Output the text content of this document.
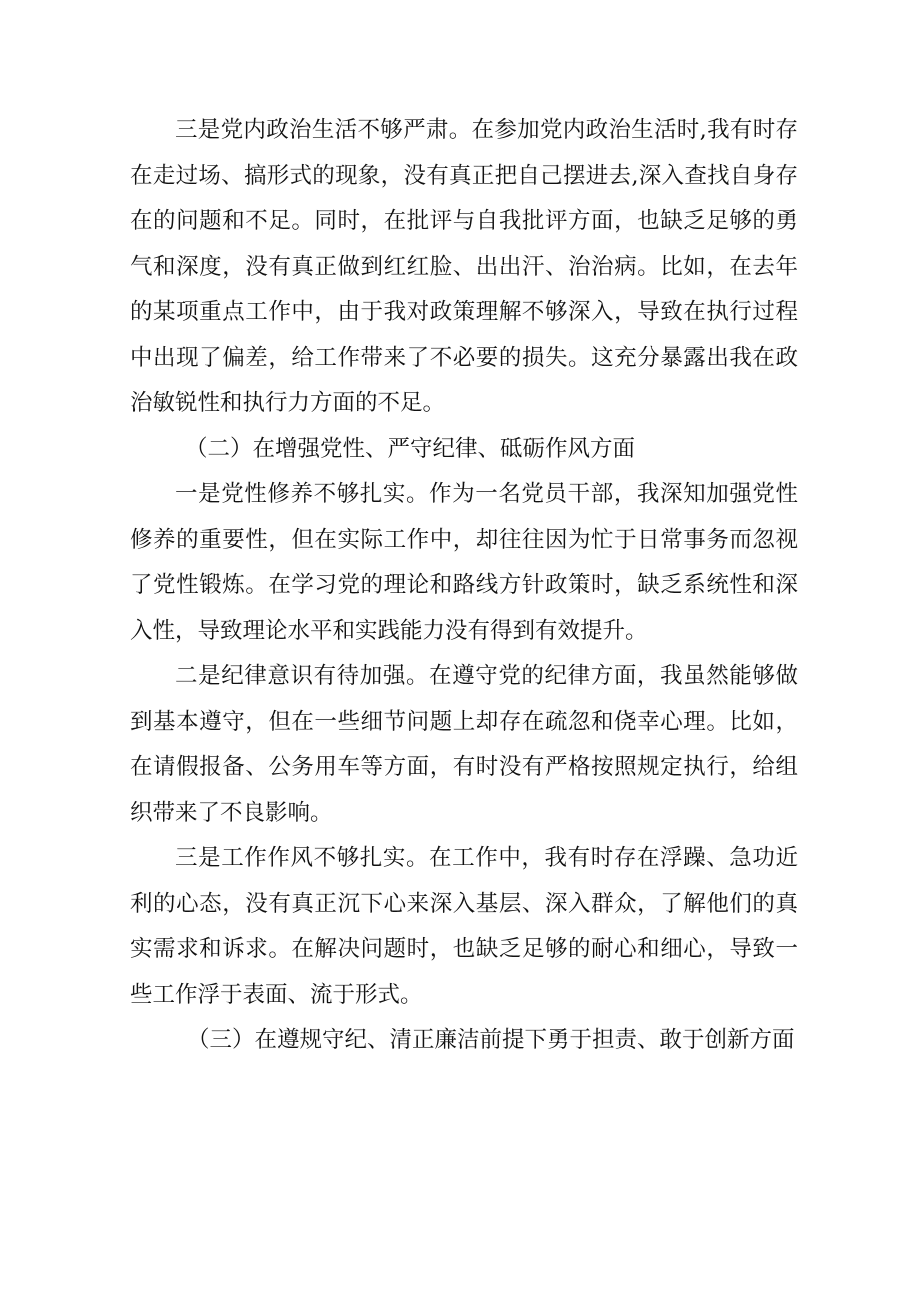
三是党内政治生活不够严肃。在参加党内政治生活时,我有时存在走过场、搞形式的现象，没有真正把自己摆进去,深入查找自身存在的问题和不足。同时，在批评与自我批评方面，也缺乏足够的勇气和深度，没有真正做到红红脸、出出汗、治治病。比如，在去年的某项重点工作中，由于我对政策理解不够深入，导致在执行过程中出现了偏差，给工作带来了不必要的损失。这充分暴露出我在政治敏锐性和执行力方面的不足。

（二）在增强党性、严守纪律、砥砺作风方面

一是党性修养不够扎实。作为一名党员干部，我深知加强党性修养的重要性，但在实际工作中，却往往因为忙于日常事务而忽视了党性锻炼。在学习党的理论和路线方针政策时，缺乏系统性和深入性，导致理论水平和实践能力没有得到有效提升。

二是纪律意识有待加强。在遵守党的纪律方面，我虽然能够做到基本遵守，但在一些细节问题上却存在疏忽和侥幸心理。比如，在请假报备、公务用车等方面，有时没有严格按照规定执行，给组织带来了不良影响。

三是工作作风不够扎实。在工作中，我有时存在浮躁、急功近利的心态，没有真正沉下心来深入基层、深入群众，了解他们的真实需求和诉求。在解决问题时，也缺乏足够的耐心和细心，导致一些工作浮于表面、流于形式。

（三）在遵规守纪、清正廉洁前提下勇于担责、敢于创新方面
